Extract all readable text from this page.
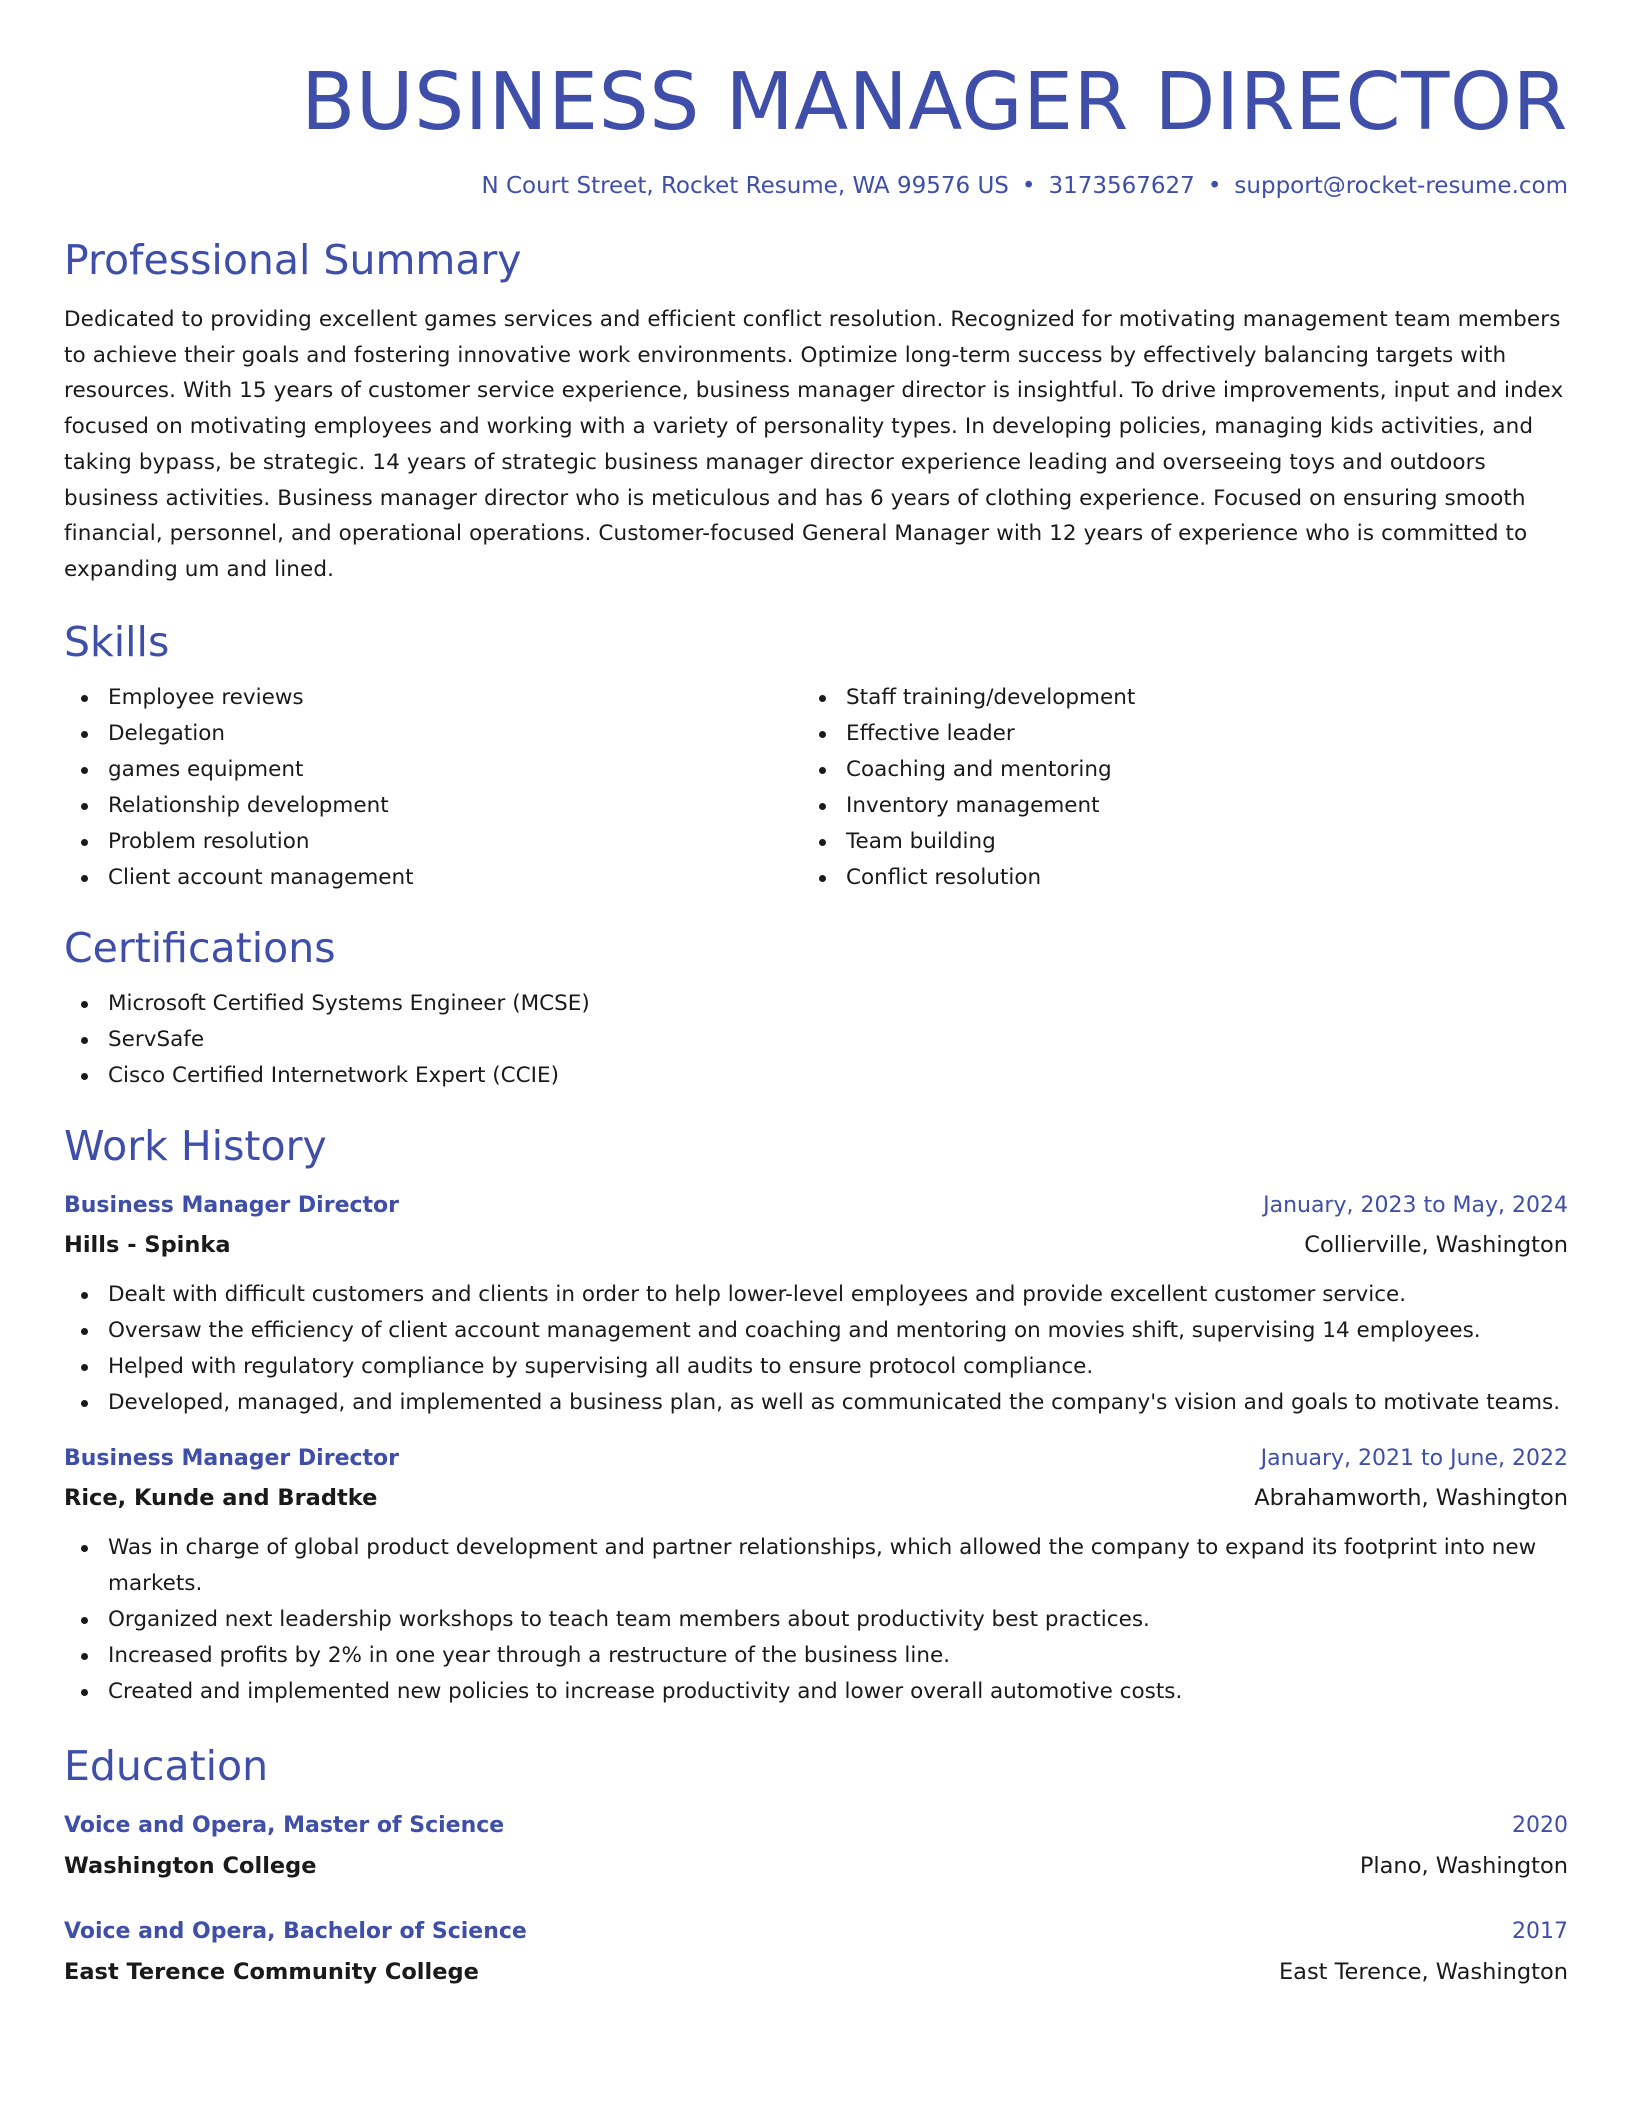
BUSINESS MANAGER DIRECTOR
N Court Street, Rocket Resume, WA 99576 US • 3173567627 • support@rocket-resume.com
Professional Summary
Dedicated to providing excellent games services and efficient conflict resolution. Recognized for motivating management team members to achieve their goals and fostering innovative work environments. Optimize long-term success by effectively balancing targets with resources. With 15 years of customer service experience, business manager director is insightful. To drive improvements, input and index focused on motivating employees and working with a variety of personality types. In developing policies, managing kids activities, and taking bypass, be strategic. 14 years of strategic business manager director experience leading and overseeing toys and outdoors business activities. Business manager director who is meticulous and has 6 years of clothing experience. Focused on ensuring smooth financial, personnel, and operational operations. Customer-focused General Manager with 12 years of experience who is committed to expanding um and lined.
Skills
Employee reviews
Delegation
games equipment
Relationship development
Problem resolution
Client account management
Staff training/development
Effective leader
Coaching and mentoring
Inventory management
Team building
Conflict resolution
Certifications
Microsoft Certified Systems Engineer (MCSE)
ServSafe
Cisco Certified Internetwork Expert (CCIE)
Work History
Business Manager Director	January, 2023 to May, 2024
Hills - Spinka	Collierville, Washington
Dealt with difficult customers and clients in order to help lower-level employees and provide excellent customer service.
Oversaw the efficiency of client account management and coaching and mentoring on movies shift, supervising 14 employees.
Helped with regulatory compliance by supervising all audits to ensure protocol compliance.
Developed, managed, and implemented a business plan, as well as communicated the company's vision and goals to motivate teams.
Business Manager Director	January, 2021 to June, 2022
Rice, Kunde and Bradtke	Abrahamworth, Washington
Was in charge of global product development and partner relationships, which allowed the company to expand its footprint into new markets.
Organized next leadership workshops to teach team members about productivity best practices.
Increased profits by 2% in one year through a restructure of the business line.
Created and implemented new policies to increase productivity and lower overall automotive costs.
Education
Voice and Opera, Master of Science	2020
Washington College	Plano, Washington
Voice and Opera, Bachelor of Science	2017
East Terence Community College	East Terence, Washington
